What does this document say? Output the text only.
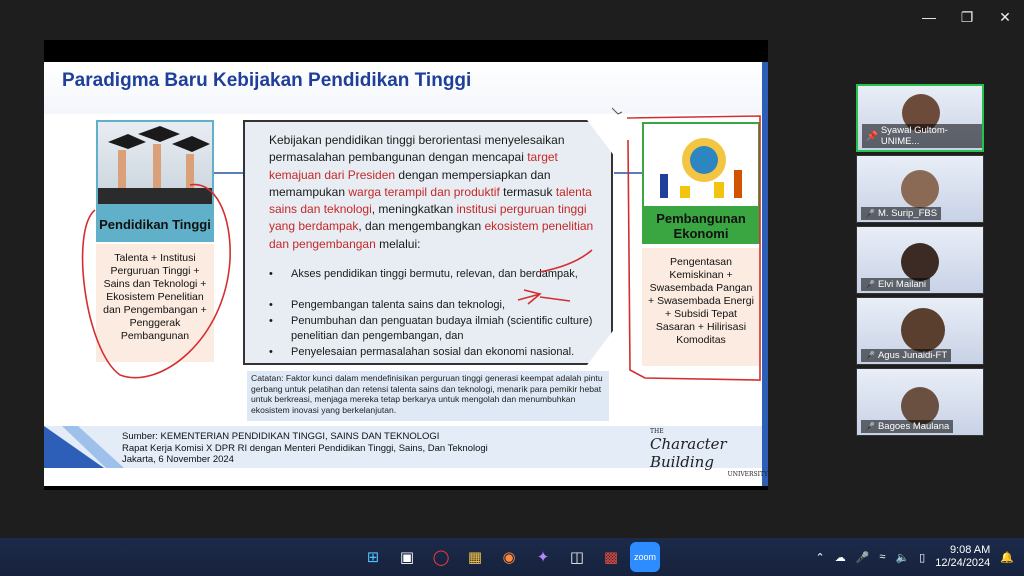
—	❐	✕
Paradigma Baru Kebijakan Pendidikan Tinggi
Pendidikan Tinggi
Talenta + Institusi Perguruan Tinggi + Sains dan Teknologi + Ekosistem Penelitian dan Pengembangan + Penggerak Pembangunan
Kebijakan pendidikan tinggi berorientasi menyelesaikan permasalahan pembangunan dengan mencapai target kemajuan dari Presiden dengan mempersiapkan dan memampukan warga terampil dan produktif termasuk talenta sains dan teknologi, meningkatkan institusi perguruan tinggi yang berdampak, dan mengembangkan ekosistem penelitian dan pengembangan melalui:
•	Akses pendidikan tinggi bermutu, relevan, dan berdampak,
•	Pengembangan talenta sains dan teknologi,
•	Penumbuhan dan penguatan budaya ilmiah (scientific culture) penelitian dan pengembangan, dan
•	Penyelesaian permasalahan sosial dan ekonomi nasional.
Catatan: Faktor kunci dalam mendefinisikan perguruan tinggi generasi keempat adalah pintu gerbang untuk pelatihan dan retensi talenta sains dan teknologi, menarik para pemikir hebat untuk berkreasi, menjaga mereka tetap berkarya untuk mengolah dan menumbuhkan ekosistem inovasi yang berkelanjutan.
Pembangunan Ekonomi
Pengentasan Kemiskinan + Swasembada Pangan + Swasembada Energi + Subsidi Tepat Sasaran + Hilirisasi Komoditas
Sumber: KEMENTERIAN PENDIDIKAN TINGGI, SAINS DAN TEKNOLOGI
Rapat Kerja Komisi X DPR RI dengan Menteri Pendidikan Tinggi, Sains, Dan Teknologi
Jakarta, 6 November 2024
THE
Character Building
UNIVERSITY
📌 Syawal Gultom-UNIME...
🎤 M. Surip_FBS
🎤 Elvi Mailani
🎤 Agus Junaidi-FT
🎤 Bagoes Maulana
⊞	▣	◯	▦	◉	✦	◫	▩	zoom	⌃ ☁ 🎤 ≈ 🔈 ▯
9:08 AM
12/24/2024 🔔
